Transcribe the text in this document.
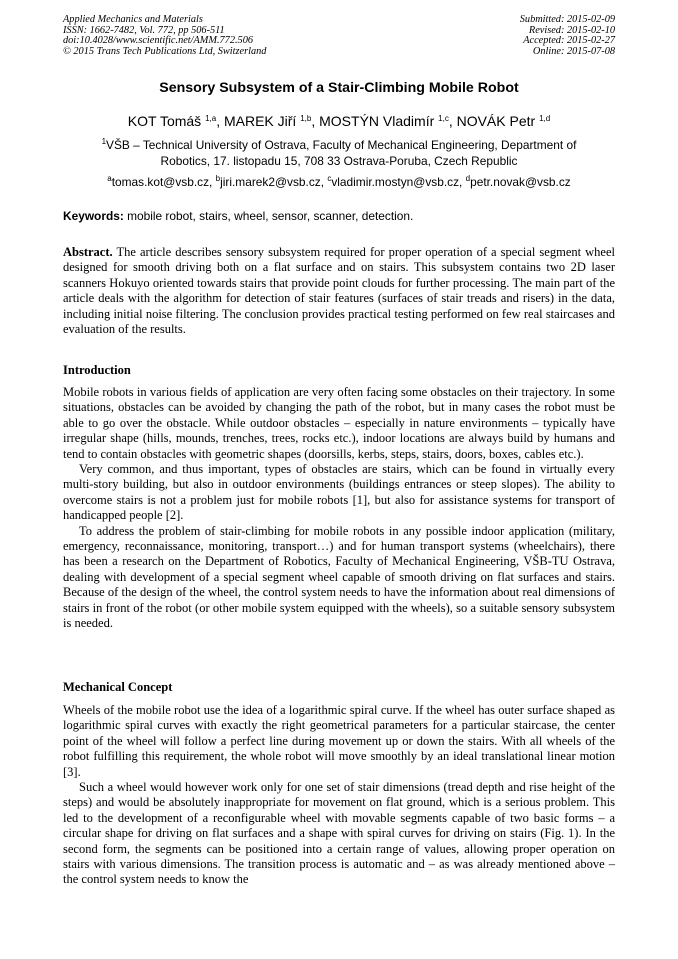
Applied Mechanics and Materials
ISSN: 1662-7482, Vol. 772, pp 506-511
doi:10.4028/www.scientific.net/AMM.772.506
© 2015 Trans Tech Publications Ltd, Switzerland
Submitted: 2015-02-09
Revised: 2015-02-10
Accepted: 2015-02-27
Online: 2015-07-08
Sensory Subsystem of a Stair-Climbing Mobile Robot
KOT Tomáš $^{1,a}$, MAREK Jiří $^{1,b}$, MOSTÝN Vladimír $^{1,c}$, NOVÁK Petr $^{1,d}$
$^1$VŠB – Technical University of Ostrava, Faculty of Mechanical Engineering, Department of Robotics, 17. listopadu 15, 708 33 Ostrava-Poruba, Czech Republic
$^a$tomas.kot@vsb.cz, $^b$jiri.marek2@vsb.cz, $^c$vladimir.mostyn@vsb.cz, $^d$petr.novak@vsb.cz
Keywords: mobile robot, stairs, wheel, sensor, scanner, detection.

Abstract. The article describes sensory subsystem required for proper operation of a special segment wheel designed for smooth driving both on a flat surface and on stairs. This subsystem contains two 2D laser scanners Hokuyo oriented towards stairs that provide point clouds for further processing. The main part of the article deals with the algorithm for detection of stair features (surfaces of stair treads and risers) in the data, including initial noise filtering. The conclusion provides practical testing performed on few real staircases and evaluation of the results.

Introduction

Mobile robots in various fields of application are very often facing some obstacles on their trajectory. In some situations, obstacles can be avoided by changing the path of the robot, but in many cases the robot must be able to go over the obstacle. While outdoor obstacles – especially in nature environments – typically have irregular shape (hills, mounds, trenches, trees, rocks etc.), indoor locations are always build by humans and tend to contain obstacles with geometric shapes (doorsills, kerbs, steps, stairs, doors, boxes, cables etc.).

Very common, and thus important, types of obstacles are stairs, which can be found in virtually every multi-story building, but also in outdoor environments (buildings entrances or steep slopes). The ability to overcome stairs is not a problem just for mobile robots [1], but also for assistance systems for transport of handicapped people [2].

To address the problem of stair-climbing for mobile robots in any possible indoor application (military, emergency, reconnaissance, monitoring, transport…) and for human transport systems (wheelchairs), there has been a research on the Department of Robotics, Faculty of Mechanical Engineering, VŠB-TU Ostrava, dealing with development of a special segment wheel capable of smooth driving on flat surfaces and stairs. Because of the design of the wheel, the control system needs to have the information about real dimensions of stairs in front of the robot (or other mobile system equipped with the wheels), so a suitable sensory subsystem is needed.

Mechanical Concept

Wheels of the mobile robot use the idea of a logarithmic spiral curve. If the wheel has outer surface shaped as logarithmic spiral curves with exactly the right geometrical parameters for a particular staircase, the center point of the wheel will follow a perfect line during movement up or down the stairs. With all wheels of the robot fulfilling this requirement, the whole robot will move smoothly by an ideal translational linear motion [3].

Such a wheel would however work only for one set of stair dimensions (tread depth and rise height of the steps) and would be absolutely inappropriate for movement on flat ground, which is a serious problem. This led to the development of a reconfigurable wheel with movable segments capable of two basic forms – a circular shape for driving on flat surfaces and a shape with spiral curves for driving on stairs (Fig. 1). In the second form, the segments can be positioned into a certain range of values, allowing proper operation on stairs with various dimensions. The transition process is automatic and – as was already mentioned above – the control system needs to know the
